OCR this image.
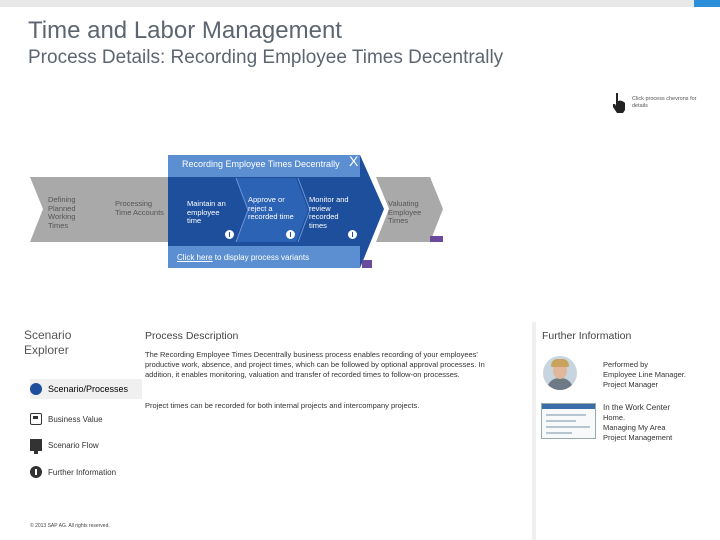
Time and Labor Management
Process Details: Recording Employee Times Decentrally
Click process chevrons for details
Recording Employee Times Decentrally X
Defining Planned Working Times
Processing Time Accounts
Maintain an employee time
Approve or reject a recorded time
Monitor and review recorded times
Valuating Employee Times
Click here to display process variants
Scenario Explorer
Scenario/Processes
Business Value
Scenario Flow
Further Information
© 2013 SAP AG. All rights reserved.
Process Description
The Recording Employee Times Decentrally business process enables recording of your employees' productive work, absence, and project times, which can be followed by optional approval processes. In addition, it enables monitoring, valuation and transfer of recorded times to follow-on processes.
Project times can be recorded for both internal projects and intercompany projects.
Further Information
Performed by
Employee Line Manager.
Project Manager
In the Work Center
Home.
Managing My Area
Project Management
